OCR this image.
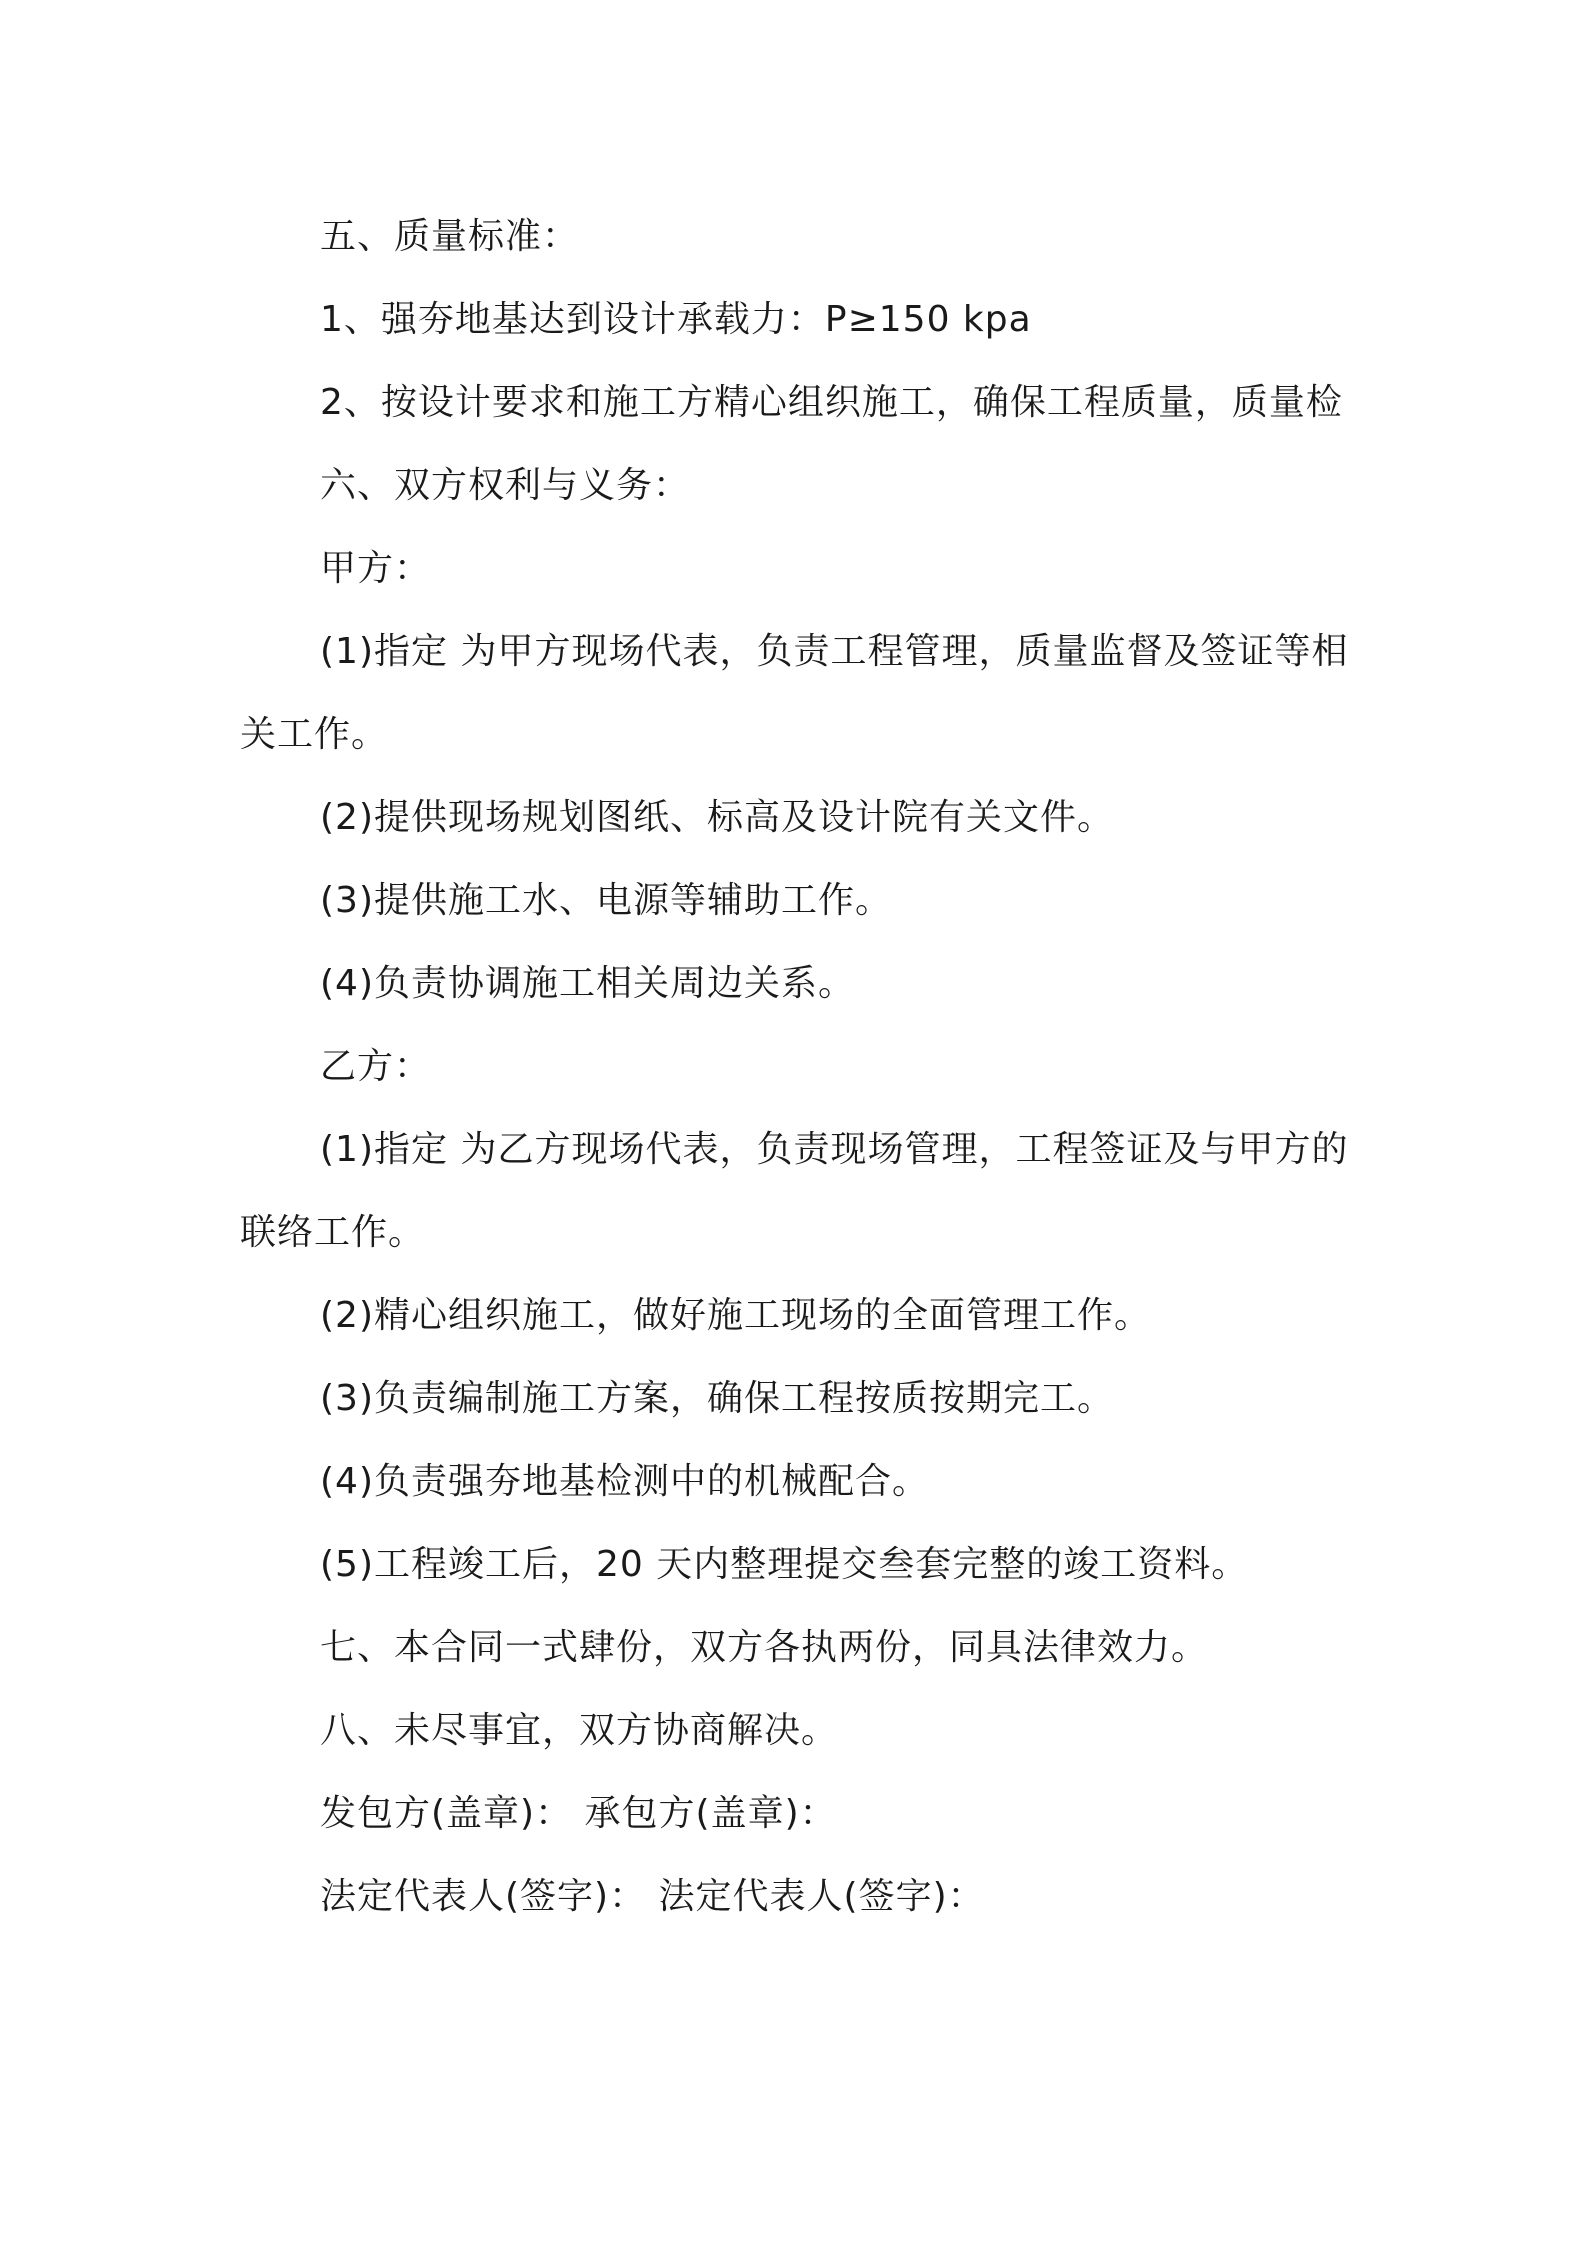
五、质量标准：

1、强夯地基达到设计承载力：P≥150 kpa

2、按设计要求和施工方精心组织施工，确保工程质量，质量检

六、双方权利与义务：

甲方：

(1)指定 为甲方现场代表，负责工程管理，质量监督及签证等相关工作。

(2)提供现场规划图纸、标高及设计院有关文件。

(3)提供施工水、电源等辅助工作。

(4)负责协调施工相关周边关系。

乙方：

(1)指定 为乙方现场代表，负责现场管理，工程签证及与甲方的联络工作。

(2)精心组织施工，做好施工现场的全面管理工作。

(3)负责编制施工方案，确保工程按质按期完工。

(4)负责强夯地基检测中的机械配合。

(5)工程竣工后，20 天内整理提交叁套完整的竣工资料。

七、本合同一式肆份，双方各执两份，同具法律效力。

八、未尽事宜，双方协商解决。

发包方(盖章)： 承包方(盖章)：

法定代表人(签字)： 法定代表人(签字)：
